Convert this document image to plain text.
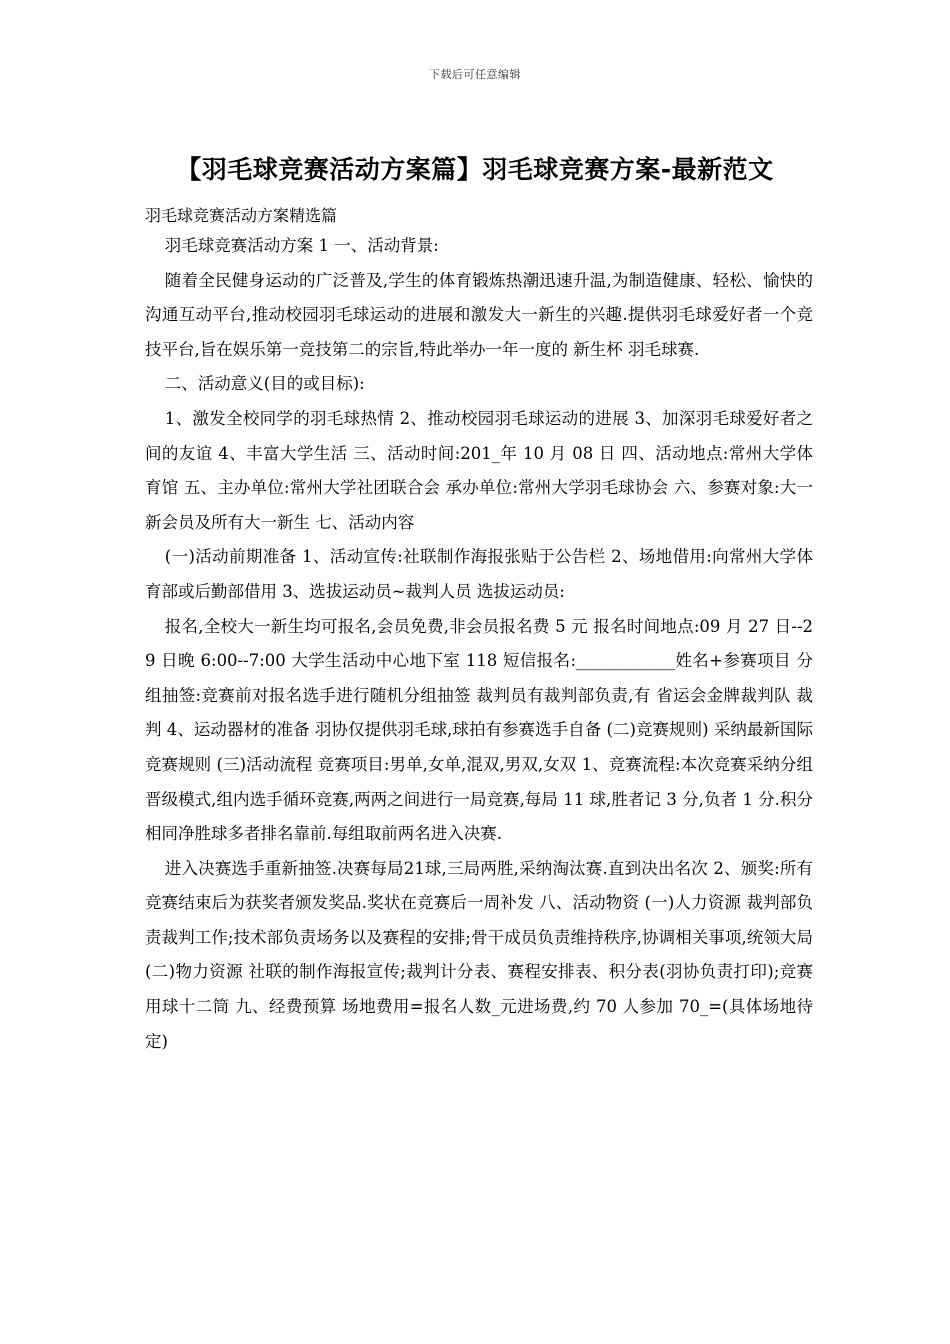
下载后可任意编辑
【羽毛球竞赛活动方案篇】羽毛球竞赛方案-最新范文
羽毛球竞赛活动方案精选篇

羽毛球竞赛活动方案 1 一、活动背景:

随着全民健身运动的广泛普及,学生的体育锻炼热潮迅速升温,为制造健康、轻松、愉快的沟通互动平台,推动校园羽毛球运动的进展和激发大一新生的兴趣.提供羽毛球爱好者一个竞技平台,旨在娱乐第一竞技第二的宗旨,特此举办一年一度的 新生杯 羽毛球赛.

二、活动意义(目的或目标):

1、激发全校同学的羽毛球热情 2、推动校园羽毛球运动的进展 3、加深羽毛球爱好者之间的友谊 4、丰富大学生活 三、活动时间:201_年 10 月 08 日 四、活动地点:常州大学体育馆 五、主办单位:常州大学社团联合会 承办单位:常州大学羽毛球协会 六、参赛对象:大一新会员及所有大一新生 七、活动内容

(一)活动前期准备 1、活动宣传:社联制作海报张贴于公告栏 2、场地借用:向常州大学体育部或后勤部借用 3、选拔运动员~裁判人员 选拔运动员:

报名,全校大一新生均可报名,会员免费,非会员报名费 5 元 报名时间地点:09 月 27 日--29 日晚 6:00--7:00 大学生活动中心地下室 118 短信报名:____________姓名+参赛项目 分组抽签:竞赛前对报名选手进行随机分组抽签 裁判员有裁判部负责,有 省运会金牌裁判队 裁判 4、运动器材的准备 羽协仅提供羽毛球,球拍有参赛选手自备 (二)竞赛规则) 采纳最新国际竞赛规则 (三)活动流程 竞赛项目:男单,女单,混双,男双,女双 1、竞赛流程:本次竞赛采纳分组晋级模式,组内选手循环竞赛,两两之间进行一局竞赛,每局 11 球,胜者记 3 分,负者 1 分.积分相同净胜球多者排名靠前.每组取前两名进入决赛.

进入决赛选手重新抽签.决赛每局21球,三局两胜,采纳淘汰赛.直到决出名次 2、颁奖:所有竞赛结束后为获奖者颁发奖品.奖状在竞赛后一周补发 八、活动物资 (一)人力资源 裁判部负责裁判工作;技术部负责场务以及赛程的安排;骨干成员负责维持秩序,协调相关事项,统领大局 (二)物力资源 社联的制作海报宣传;裁判计分表、赛程安排表、积分表(羽协负责打印);竞赛用球十二筒 九、经费预算 场地费用=报名人数_元进场费,约 70 人参加 70_=(具体场地待定)
